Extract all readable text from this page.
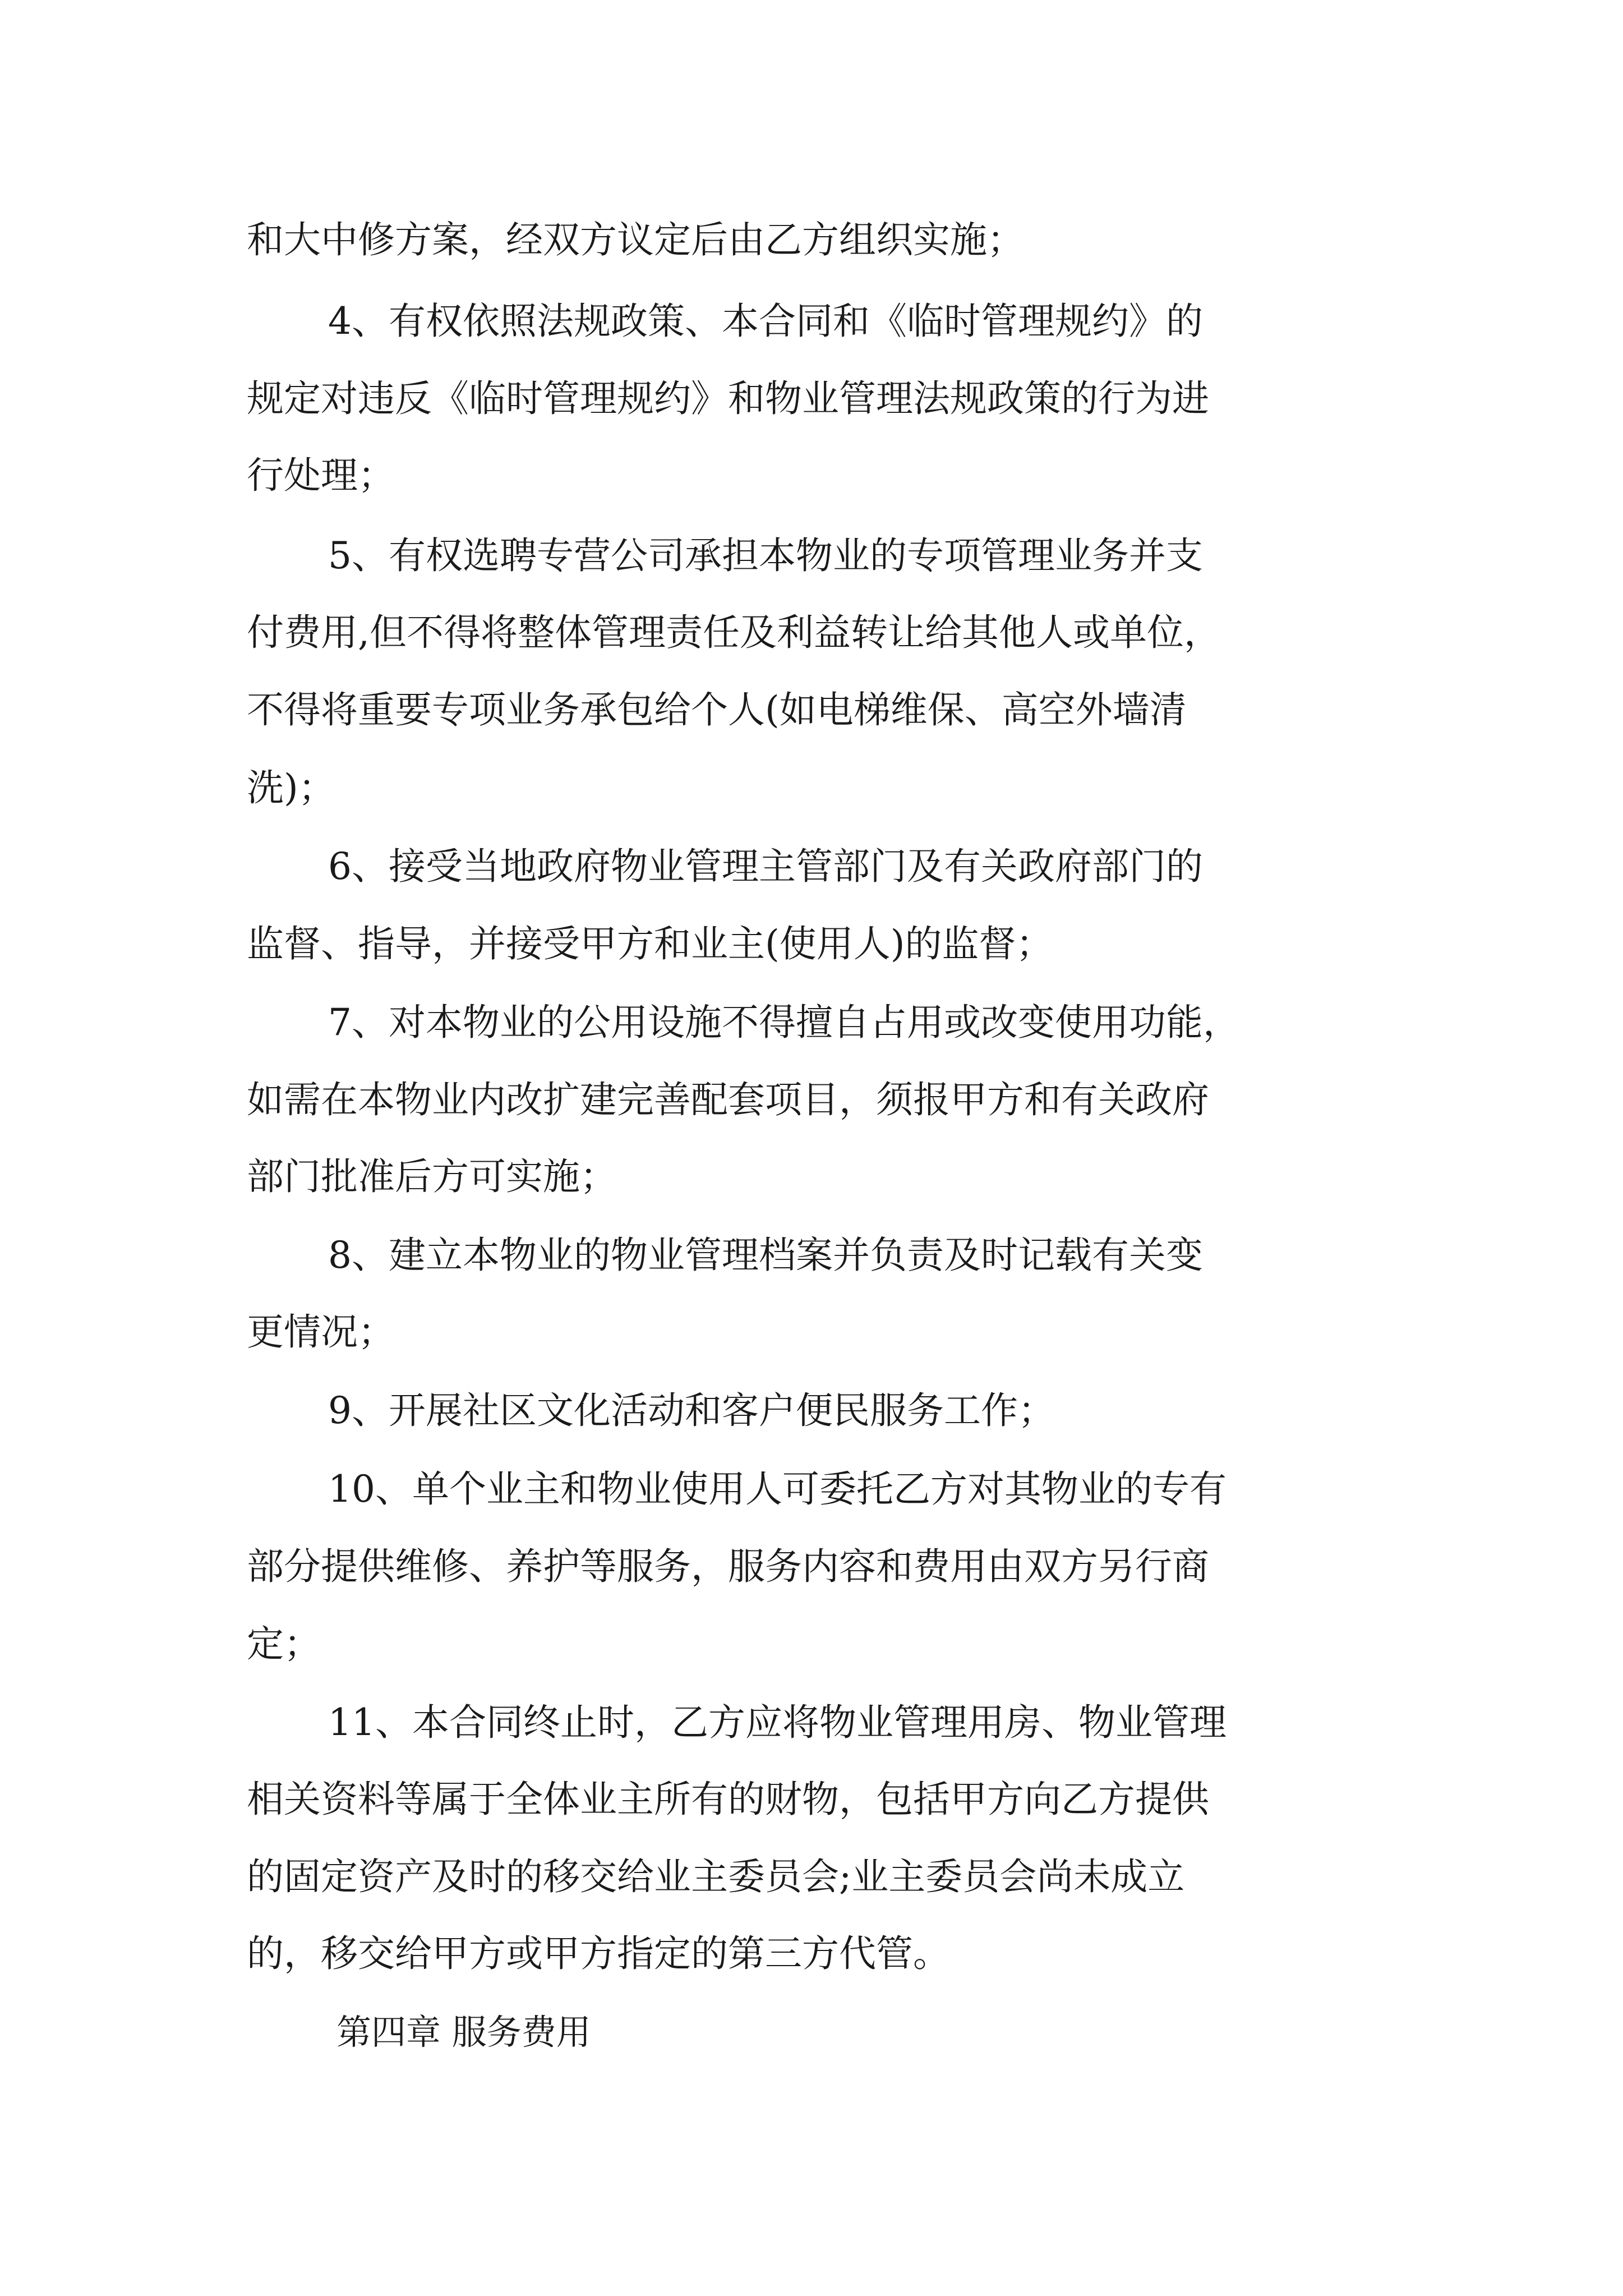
和大中修方案，经双方议定后由乙方组织实施；
4、有权依照法规政策、本合同和《临时管理规约》的
规定对违反《临时管理规约》和物业管理法规政策的行为进
行处理；
5、有权选聘专营公司承担本物业的专项管理业务并支
付费用,但不得将整体管理责任及利益转让给其他人或单位，
不得将重要专项业务承包给个人(如电梯维保、高空外墙清
洗)；
6、接受当地政府物业管理主管部门及有关政府部门的
监督、指导，并接受甲方和业主(使用人)的监督；
7、对本物业的公用设施不得擅自占用或改变使用功能，
如需在本物业内改扩建完善配套项目，须报甲方和有关政府
部门批准后方可实施；
8、建立本物业的物业管理档案并负责及时记载有关变
更情况；
9、开展社区文化活动和客户便民服务工作；
10、单个业主和物业使用人可委托乙方对其物业的专有
部分提供维修、养护等服务，服务内容和费用由双方另行商
定；
11、本合同终止时，乙方应将物业管理用房、物业管理
相关资料等属于全体业主所有的财物，包括甲方向乙方提供
的固定资产及时的移交给业主委员会;业主委员会尚未成立
的，移交给甲方或甲方指定的第三方代管。
第四章 服务费用
